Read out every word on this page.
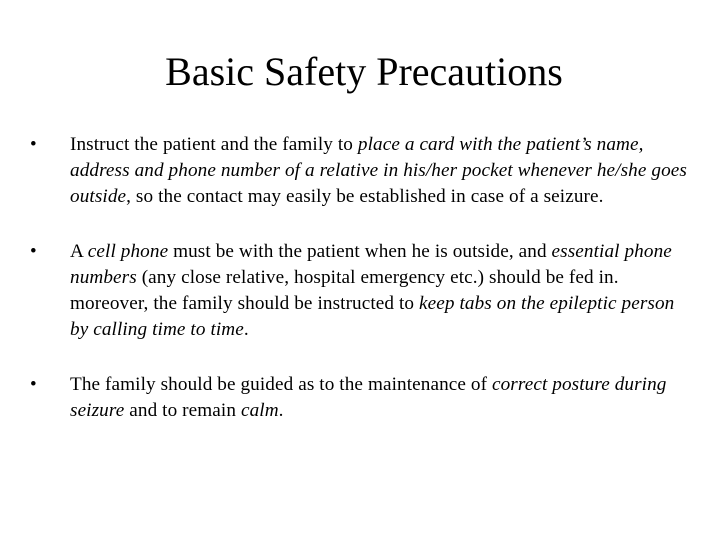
Basic Safety Precautions
• Instruct the patient and the family to place a card with the patient’s name, address and phone number of a relative in his/her pocket whenever he/she goes outside, so the contact may easily be established in case of a seizure.
• A cell phone must be with the patient when he is outside, and essential phone numbers (any close relative, hospital emergency etc.) should be fed in. moreover, the family should be instructed to keep tabs on the epileptic person by calling time to time.
• The family should be guided as to the maintenance of correct posture during seizure and to remain calm.
